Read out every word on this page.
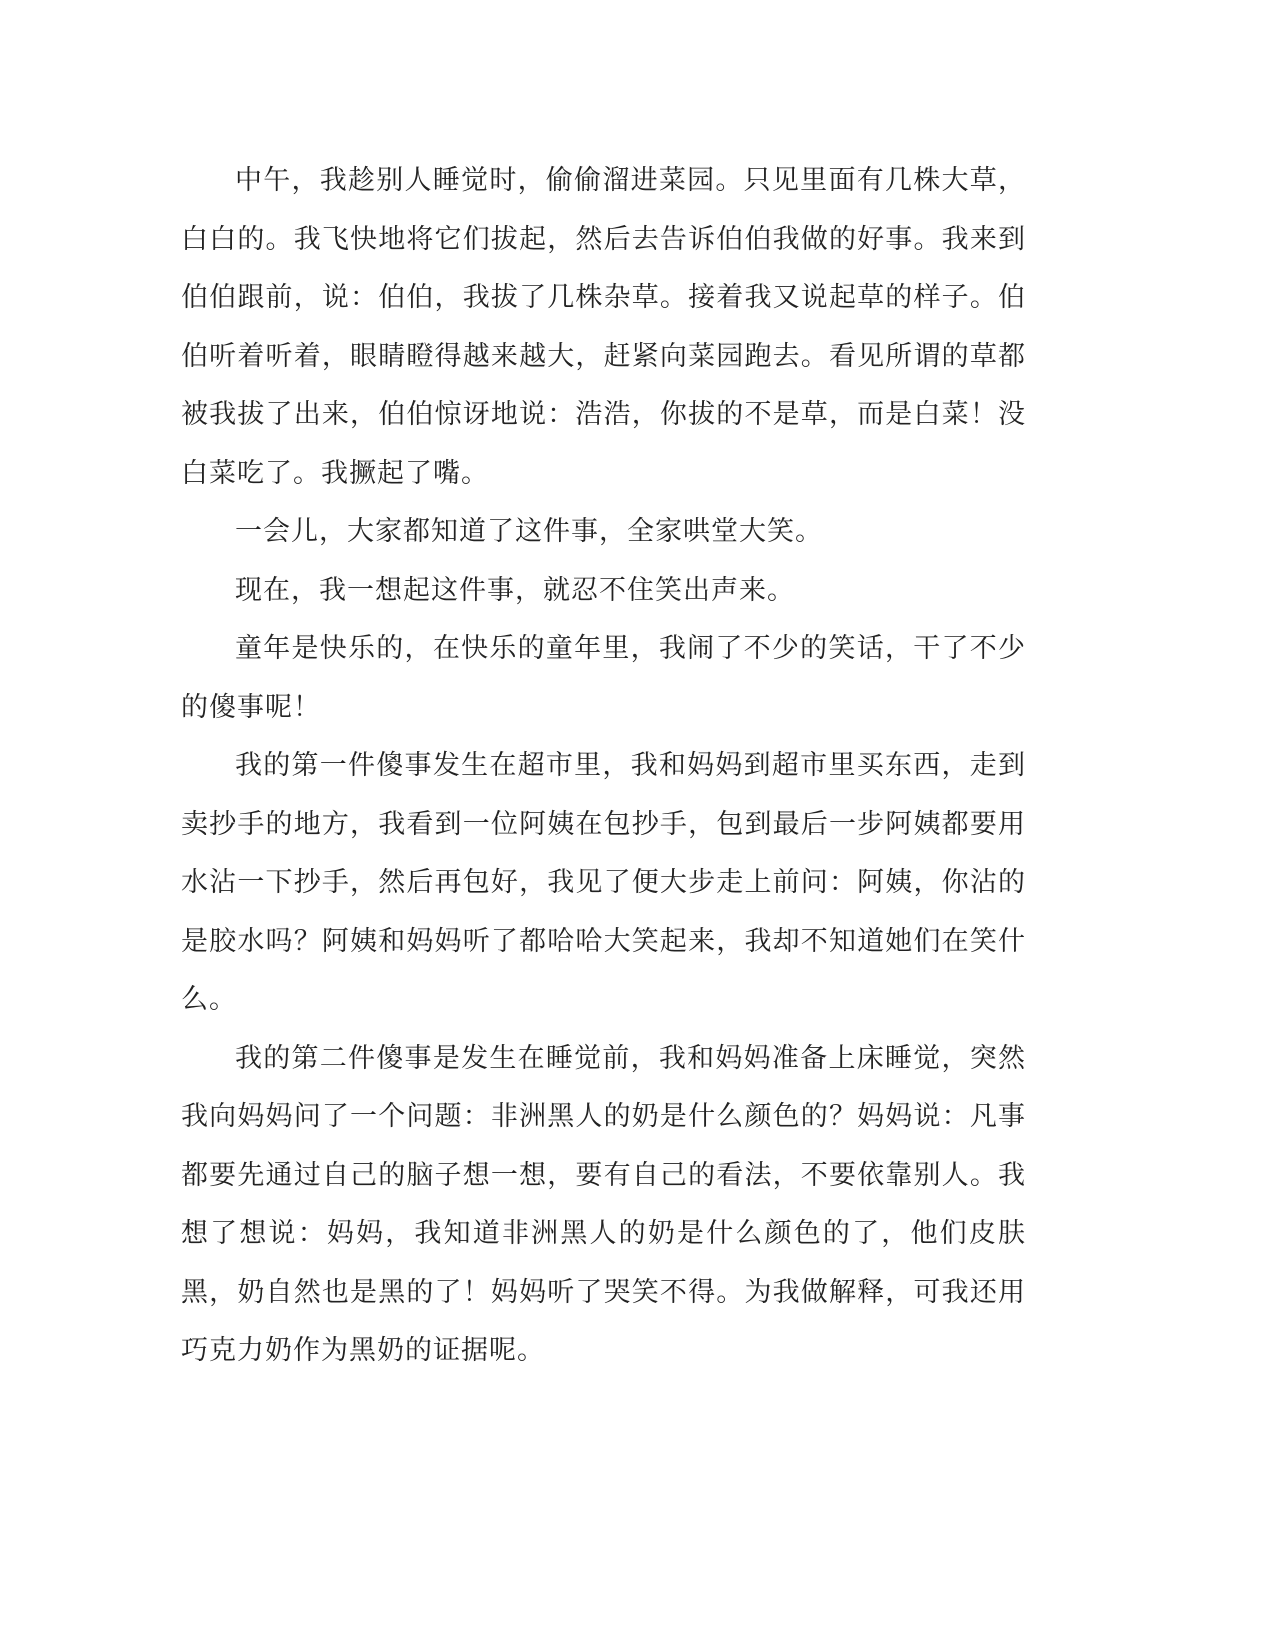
中午，我趁别人睡觉时，偷偷溜进菜园。只见里面有几株大草，白白的。我飞快地将它们拔起，然后去告诉伯伯我做的好事。我来到伯伯跟前，说：伯伯，我拔了几株杂草。接着我又说起草的样子。伯伯听着听着，眼睛瞪得越来越大，赶紧向菜园跑去。看见所谓的草都被我拔了出来，伯伯惊讶地说：浩浩，你拔的不是草，而是白菜！没白菜吃了。我撅起了嘴。

一会儿，大家都知道了这件事，全家哄堂大笑。

现在，我一想起这件事，就忍不住笑出声来。

童年是快乐的，在快乐的童年里，我闹了不少的笑话，干了不少的傻事呢！

我的第一件傻事发生在超市里，我和妈妈到超市里买东西，走到卖抄手的地方，我看到一位阿姨在包抄手，包到最后一步阿姨都要用水沾一下抄手，然后再包好，我见了便大步走上前问：阿姨，你沾的是胶水吗？阿姨和妈妈听了都哈哈大笑起来，我却不知道她们在笑什么。

我的第二件傻事是发生在睡觉前，我和妈妈准备上床睡觉，突然我向妈妈问了一个问题：非洲黑人的奶是什么颜色的？妈妈说：凡事都要先通过自己的脑子想一想，要有自己的看法，不要依靠别人。我想了想说：妈妈，我知道非洲黑人的奶是什么颜色的了，他们皮肤黑，奶自然也是黑的了！妈妈听了哭笑不得。为我做解释，可我还用巧克力奶作为黑奶的证据呢。
